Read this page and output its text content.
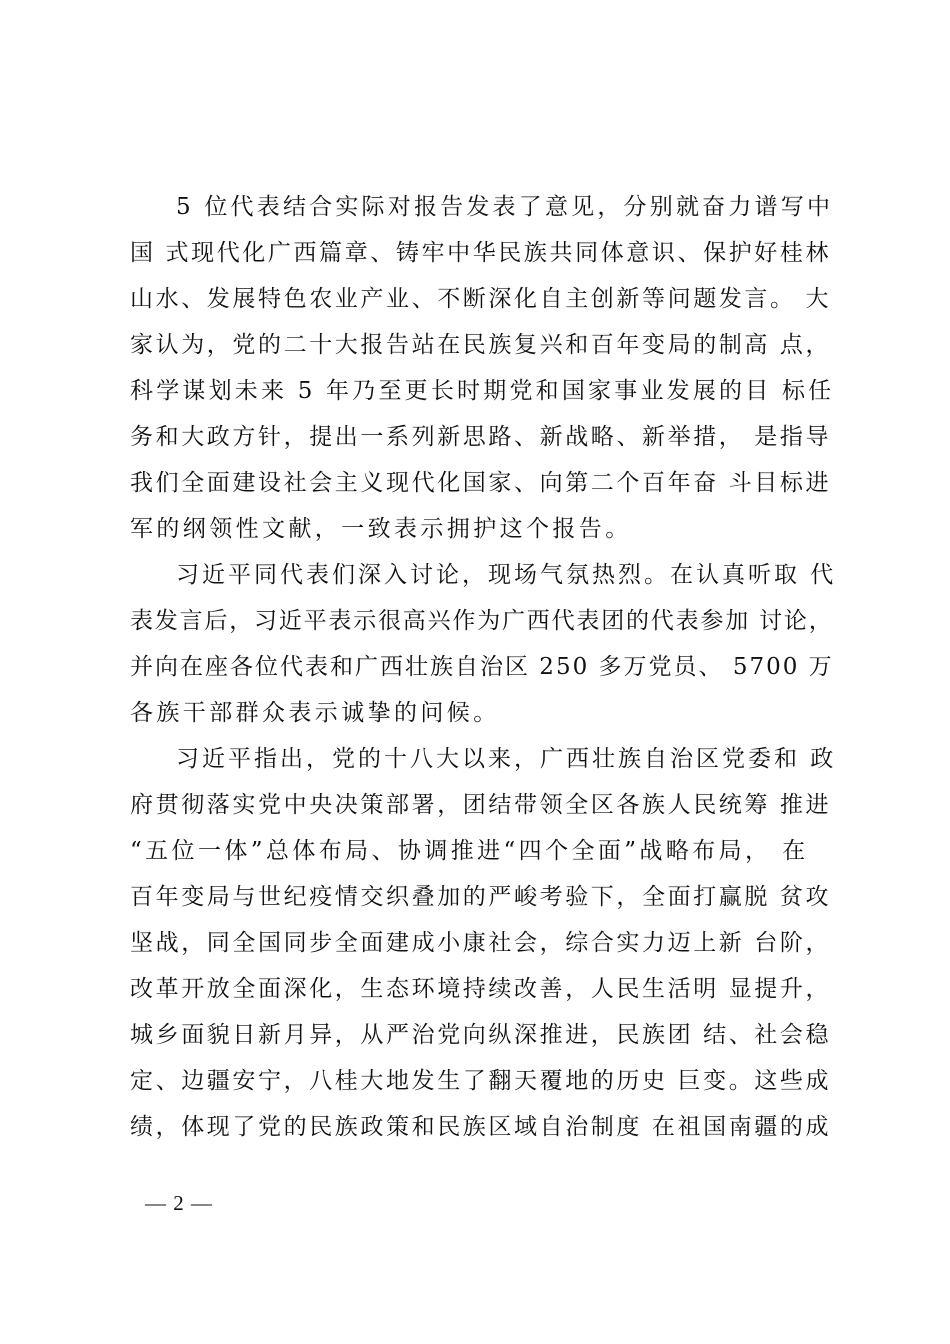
5 位代表结合实际对报告发表了意见，分别就奋力谱写中
国 式现代化广西篇章、铸牢中华民族共同体意识、保护好桂林
山水、发展特色农业产业、不断深化自主创新等问题发言。 大
家认为，党的二十大报告站在民族复兴和百年变局的制高 点，
科学谋划未来 5 年乃至更长时期党和国家事业发展的目 标任
务和大政方针，提出一系列新思路、新战略、新举措， 是指导
我们全面建设社会主义现代化国家、向第二个百年奋 斗目标进
军的纲领性文献，一致表示拥护这个报告。
习近平同代表们深入讨论，现场气氛热烈。在认真听取 代
表发言后，习近平表示很高兴作为广西代表团的代表参加 讨论，
并向在座各位代表和广西壮族自治区 250 多万党员、 5700 万
各族干部群众表示诚挚的问候。
习近平指出，党的十八大以来，广西壮族自治区党委和 政
府贯彻落实党中央决策部署，团结带领全区各族人民统筹 推进
“五位一体”总体布局、协调推进“四个全面”战略布局， 在
百年变局与世纪疫情交织叠加的严峻考验下，全面打赢脱 贫攻
坚战，同全国同步全面建成小康社会，综合实力迈上新 台阶，
改革开放全面深化，生态环境持续改善，人民生活明 显提升，
城乡面貌日新月异，从严治党向纵深推进，民族团 结、社会稳
定、边疆安宁，八桂大地发生了翻天覆地的历史 巨变。这些成
绩，体现了党的民族政策和民族区域自治制度 在祖国南疆的成
— 2 —
